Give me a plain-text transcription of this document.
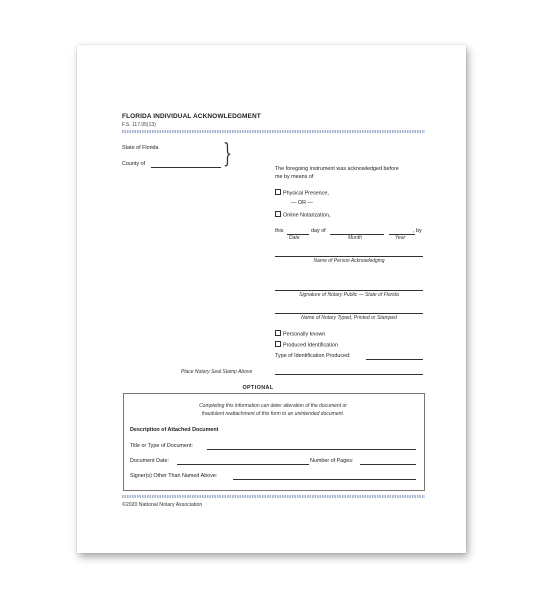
FLORIDA INDIVIDUAL ACKNOWLEDGMENT
F.S. 117.05(13)
State of Florida
County of	}	The foregoing instrument was acknowledged before
me by means of
Physical Presence,
— OR —
Online Notarization,
this	day of	, by
Date	Month	Year
Name of Person Acknowledging
Signature of Notary Public — State of Florida
Name of Notary Typed, Printed or Stamped
Personally known
Produced Identification
Type of Identification Produced:
Place Notary Seal Stamp Above
OPTIONAL
Completing this information can deter alteration of the document or
fraudulent reattachment of this form to an unintended document.
Description of Attached Document
Title or Type of Document:
Document Date:	Number of Pages:
Signer(s) Other Than Named Above:
©2020 National Notary Association
